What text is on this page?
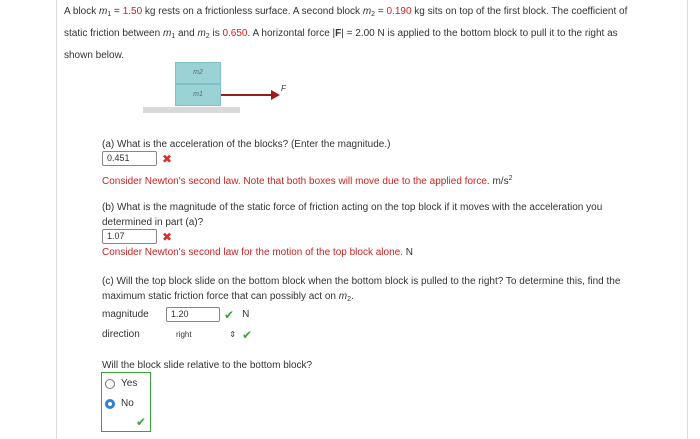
A block $m_1 = 1.50$ kg rests on a frictionless surface. A second block $m_2 = 0.190$ kg sits on top of the first block. The coefficient of
static friction between $m_1$ and $m_2$ is 0.650. A horizontal force |F| = 2.00 N is applied to the bottom block to pull it to the right as
shown below.
m2
m1
F
(a) What is the acceleration of the blocks? (Enter the magnitude.)
0.451	✖
Consider Newton's second law. Note that both boxes will move due to the applied force. $m/s^2$
(b) What is the magnitude of the static force of friction acting on the top block if it moves with the acceleration you
determined in part (a)?
1.07	✖
Consider Newton's second law for the motion of the top block alone. N
(c) Will the top block slide on the bottom block when the bottom block is pulled to the right? To determine this, find the
maximum static friction force that can possibly act on $m_2$.
magnitude	1.20	✔ N
direction	right	⇕ ✔
Will the block slide relative to the bottom block?
Yes
No
✔
